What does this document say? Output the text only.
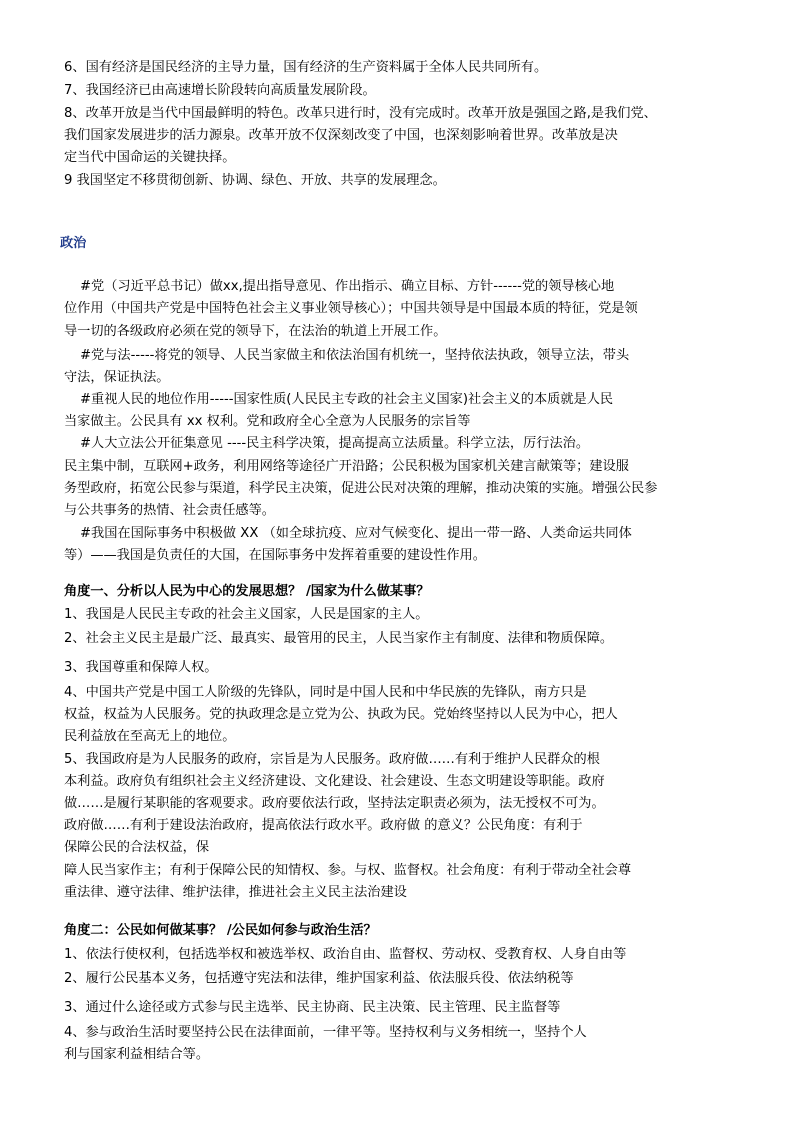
6、国有经济是国民经济的主导力量，国有经济的生产资料属于全体人民共同所有。
7、我国经济已由高速增长阶段转向高质量发展阶段。
8、改革开放是当代中国最鲜明的特色。改革只进行时，没有完成时。改革开放是强国之路,是我们党、
我们国家发展进步的活力源泉。改革开放不仅深刻改变了中国，也深刻影响着世界。改革放是决
定当代中国命运的关键抉择。
9 我国坚定不移贯彻创新、协调、绿色、开放、共享的发展理念。
政治
#党（习近平总书记）做xx,提出指导意见、作出指示、确立目标、方针------党的领导核心地
位作用（中国共产党是中国特色社会主义事业领导核心）；中国共领导是中国最本质的特征，党是领
导一切的各级政府必须在党的领导下，在法治的轨道上开展工作。
#党与法-----将党的领导、人民当家做主和依法治国有机统一，坚持依法执政，领导立法，带头
守法，保证执法。
#重视人民的地位作用-----国家性质(人民民主专政的社会主义国家)社会主义的本质就是人民
当家做主。公民具有 xx 权利。党和政府全心全意为人民服务的宗旨等
#人大立法公开征集意见 ----民主科学决策，提高提高立法质量。科学立法，厉行法治。
民主集中制，互联网+政务，利用网络等途径广开沿路；公民积极为国家机关建言献策等；建设服
务型政府，拓宽公民参与渠道，科学民主决策，促进公民对决策的理解，推动决策的实施。增强公民参
与公共事务的热情、社会责任感等。
#我国在国际事务中积极做 XX （如全球抗疫、应对气候变化、提出一带一路、人类命运共同体
等）——我国是负责任的大国，在国际事务中发挥着重要的建设性作用。
角度一、分析以人民为中心的发展思想？ /国家为什么做某事？
1、我国是人民民主专政的社会主义国家，人民是国家的主人。
2、社会主义民主是最广泛、最真实、最管用的民主，人民当家作主有制度、法律和物质保障。
3、我国尊重和保障人权。
4、中国共产党是中国工人阶级的先锋队，同时是中国人民和中华民族的先锋队，南方只是
权益，权益为人民服务。党的执政理念是立党为公、执政为民。党始终坚持以人民为中心，把人
民利益放在至高无上的地位。
5、我国政府是为人民服务的政府，宗旨是为人民服务。政府做……有利于维护人民群众的根
本利益。政府负有组织社会主义经济建设、文化建设、社会建设、生态文明建设等职能。政府
做……是履行某职能的客观要求。政府要依法行政，坚持法定职责必须为，法无授权不可为。
政府做……有利于建设法治政府，提高依法行政水平。政府做 的意义？公民角度：有利于
保障公民的合法权益，保
障人民当家作主；有利于保障公民的知情权、参。与权、监督权。社会角度：有利于带动全社会尊
重法律、遵守法律、维护法律，推进社会主义民主法治建设
角度二：公民如何做某事？ /公民如何参与政治生活？
1、依法行使权利，包括选举权和被选举权、政治自由、监督权、劳动权、受教育权、人身自由等
2、履行公民基本义务，包括遵守宪法和法律，维护国家利益、依法服兵役、依法纳税等
3、通过什么途径或方式参与民主选举、民主协商、民主决策、民主管理、民主监督等
4、参与政治生活时要坚持公民在法律面前，一律平等。坚持权利与义务相统一，坚持个人
利与国家利益相结合等。
